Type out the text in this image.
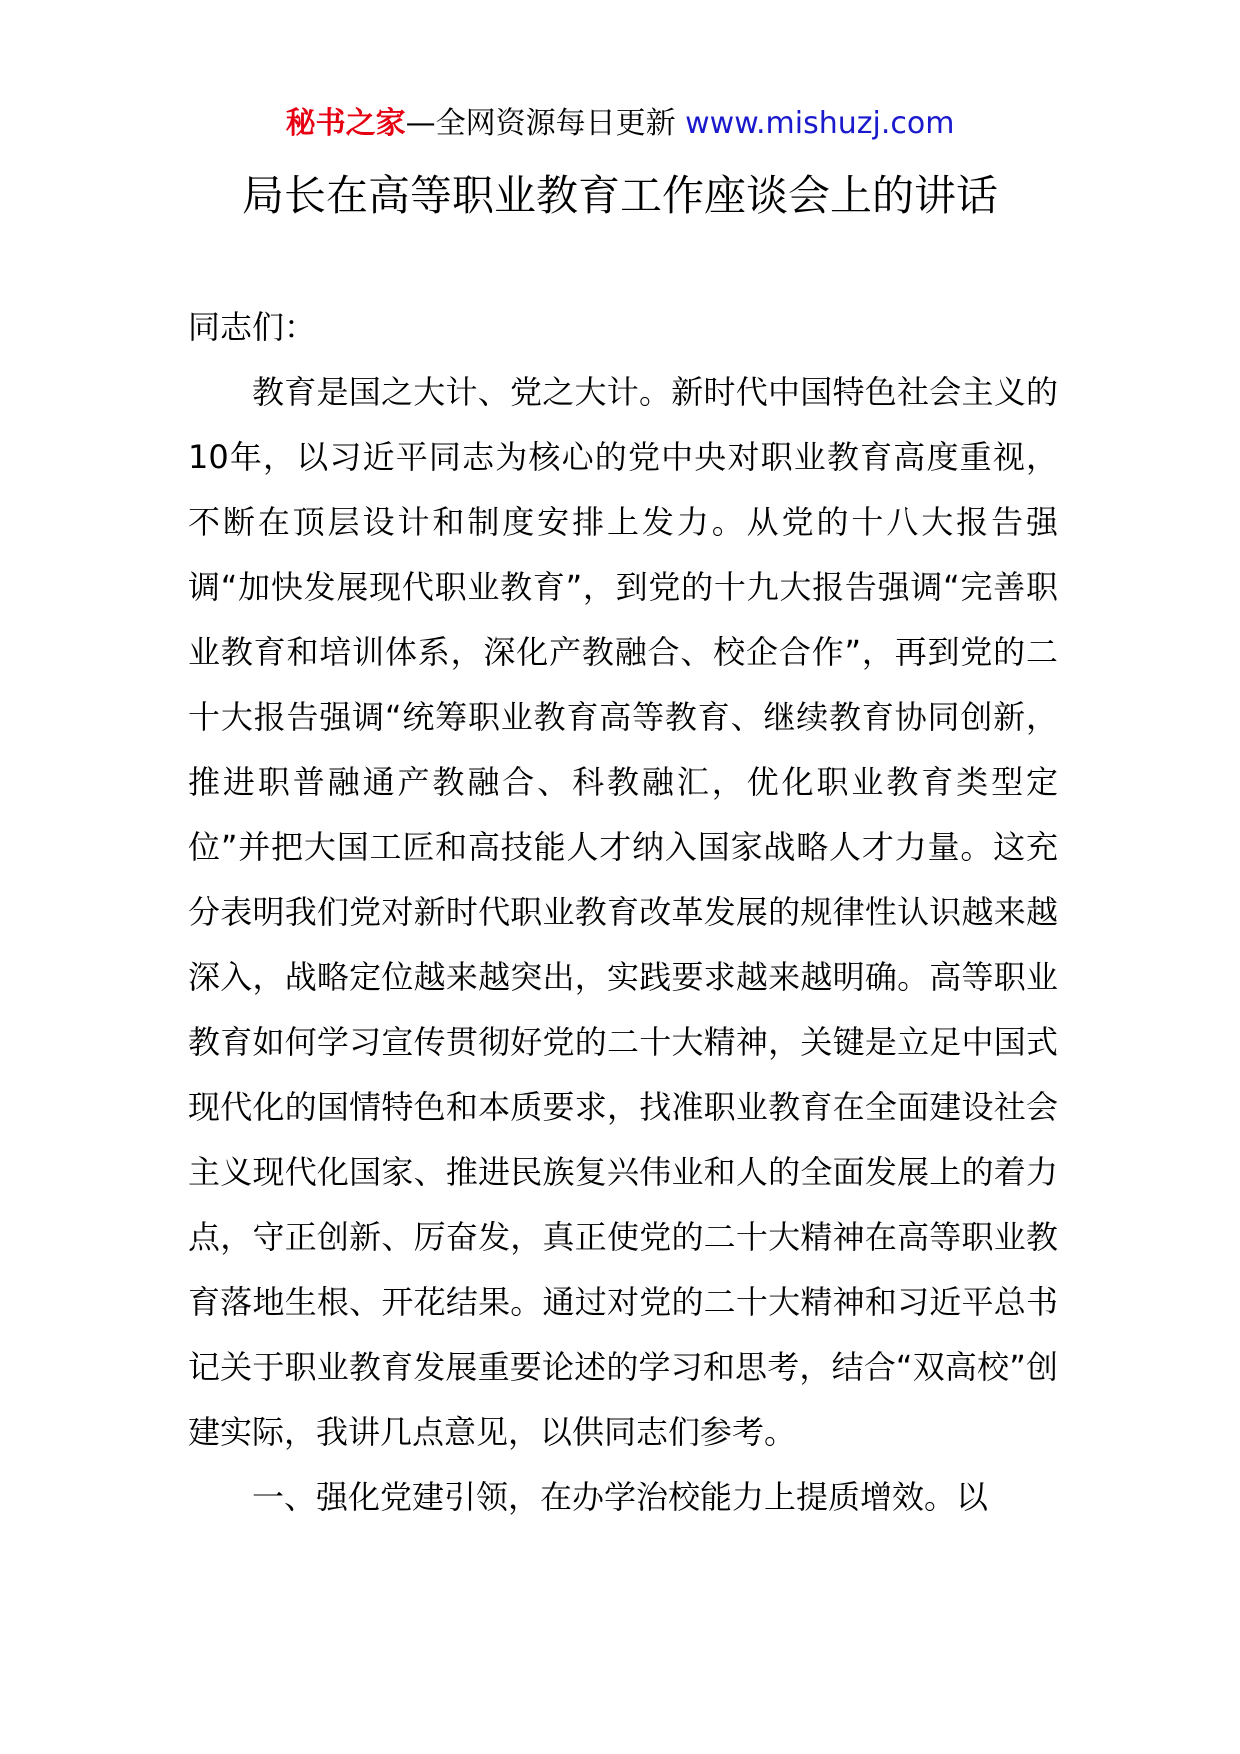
秘书之家—全网资源每日更新 www.mishuzj.com
局长在高等职业教育工作座谈会上的讲话

同志们：

教育是国之大计、党之大计。新时代中国特色社会主义的10年，以习近平同志为核心的党中央对职业教育高度重视，不断在顶层设计和制度安排上发力。从党的十八大报告强调“加快发展现代职业教育”，到党的十九大报告强调“完善职业教育和培训体系，深化产教融合、校企合作”，再到党的二十大报告强调“统筹职业教育高等教育、继续教育协同创新，推进职普融通产教融合、科教融汇，优化职业教育类型定位”并把大国工匠和高技能人才纳入国家战略人才力量。这充分表明我们党对新时代职业教育改革发展的规律性认识越来越深入，战略定位越来越突出，实践要求越来越明确。高等职业教育如何学习宣传贯彻好党的二十大精神，关键是立足中国式现代化的国情特色和本质要求，找准职业教育在全面建设社会主义现代化国家、推进民族复兴伟业和人的全面发展上的着力点，守正创新、厉奋发，真正使党的二十大精神在高等职业教育落地生根、开花结果。通过对党的二十大精神和习近平总书记关于职业教育发展重要论述的学习和思考，结合“双高校”创建实际，我讲几点意见，以供同志们参考。

一、强化党建引领，在办学治校能力上提质增效。以
